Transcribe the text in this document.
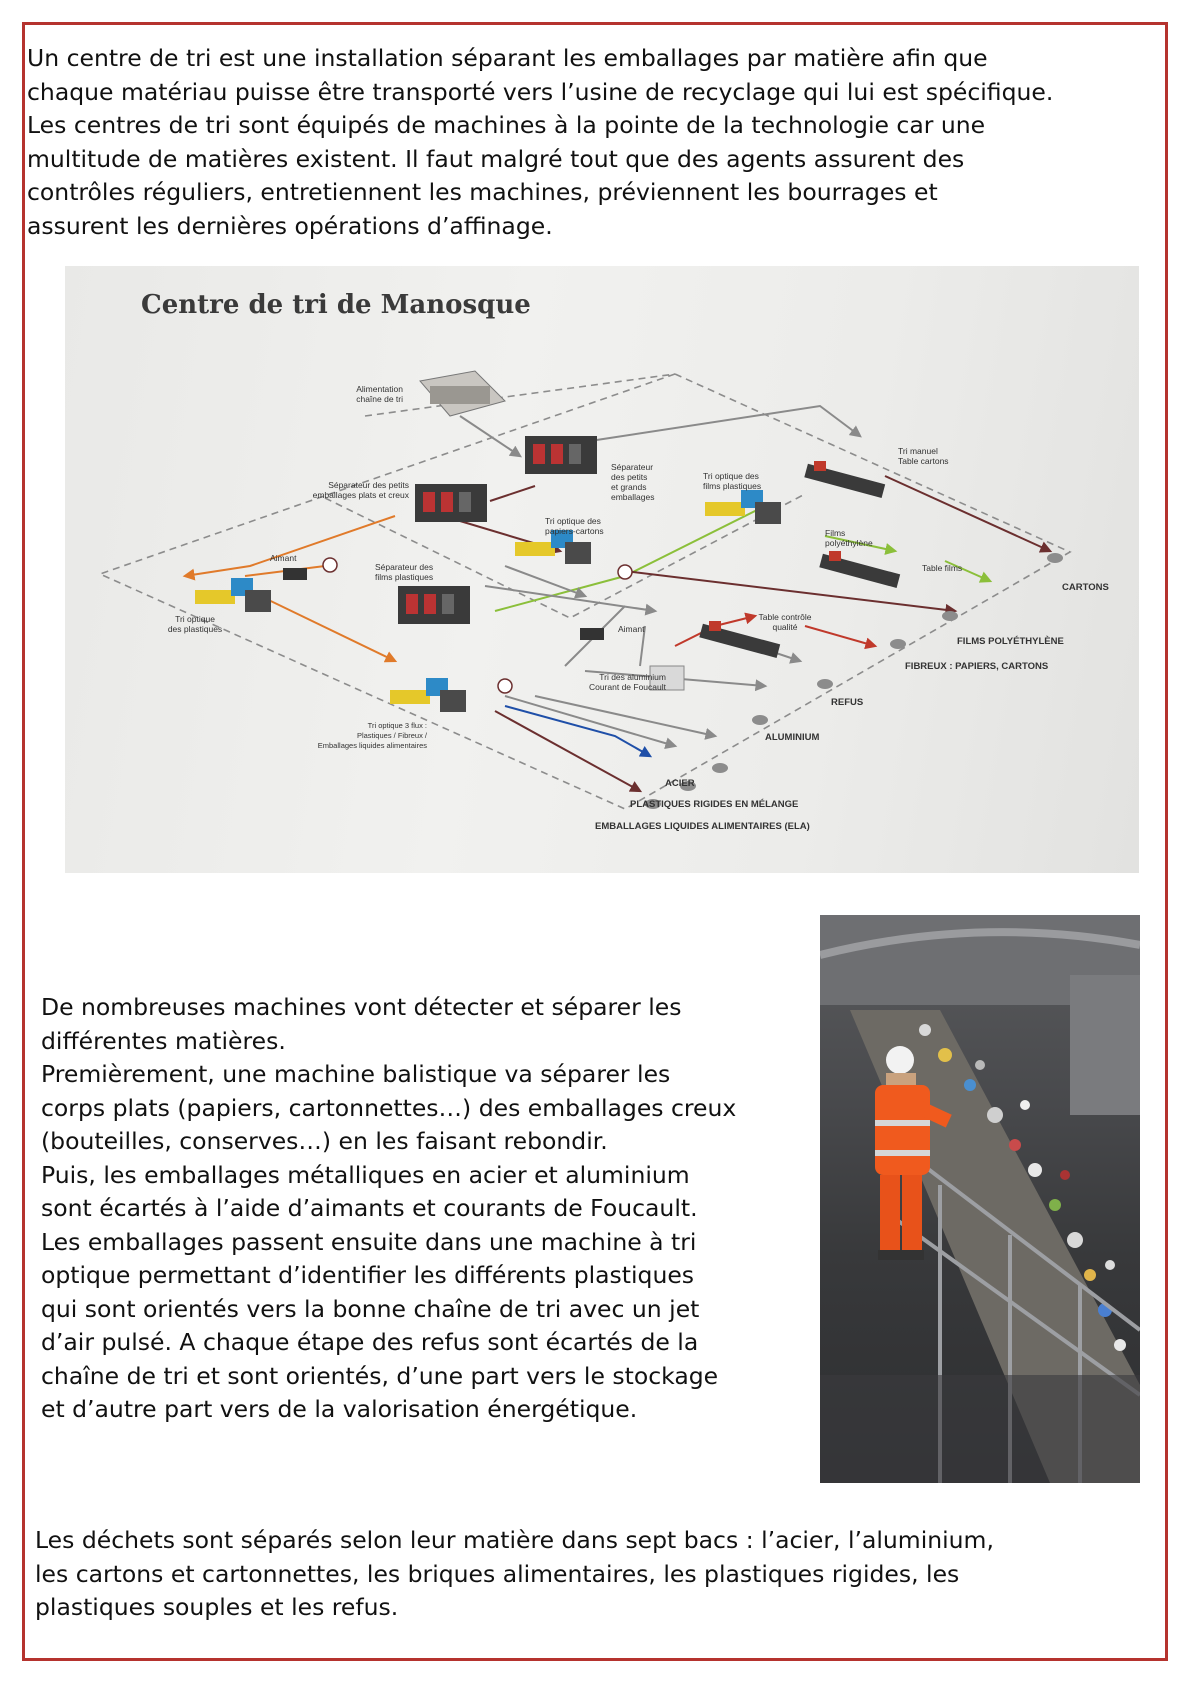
Un centre de tri est une installation séparant les emballages par matière afin que
chaque matériau puisse être transporté vers l’usine de recyclage qui lui est spécifique.
Les centres de tri sont équipés de machines à la pointe de la technologie car une
multitude de matières existent. Il faut malgré tout que des agents assurent des
contrôles réguliers, entretiennent les machines, préviennent les bourrages et
assurent les dernières opérations d’affinage.

Centre de tri de Manosque
Alimentation
chaîne de tri
Séparateur
des petits
et grands
emballages
Tri manuel
Table cartons
Séparateur des petits
emballages plats et creux
Tri optique des
films plastiques
Tri optique des
papiers-cartons	Films
polyéthylène
Table films
Aimant
Séparateur des
films plastiques
Tri optique
des plastiques	Aimant
Table contrôle
qualité
Tri des aluminium
Courant de Foucault
Tri optique 3 flux :
Plastiques / Fibreux /
Emballages liquides alimentaires
CARTONS
FILMS POLYÉTHYLÈNE
FIBREUX : PAPIERS, CARTONS
REFUS
ALUMINIUM
ACIER
PLASTIQUES RIGIDES EN MÉLANGE
EMBALLAGES LIQUIDES ALIMENTAIRES (ELA)

De nombreuses machines vont détecter et séparer les
différentes matières.
Premièrement, une machine balistique va séparer les
corps plats (papiers, cartonnettes…) des emballages creux
(bouteilles, conserves…) en les faisant rebondir.
Puis, les emballages métalliques en acier et aluminium
sont écartés à l’aide d’aimants et courants de Foucault.
Les emballages passent ensuite dans une machine à tri
optique permettant d’identifier les différents plastiques
qui sont orientés vers la bonne chaîne de tri avec un jet
d’air pulsé. A chaque étape des refus sont écartés de la
chaîne de tri et sont orientés, d’une part vers le stockage
et d’autre part vers de la valorisation énergétique.

Les déchets sont séparés selon leur matière dans sept bacs : l’acier, l’aluminium,
les cartons et cartonnettes, les briques alimentaires, les plastiques rigides, les
plastiques souples et les refus.
